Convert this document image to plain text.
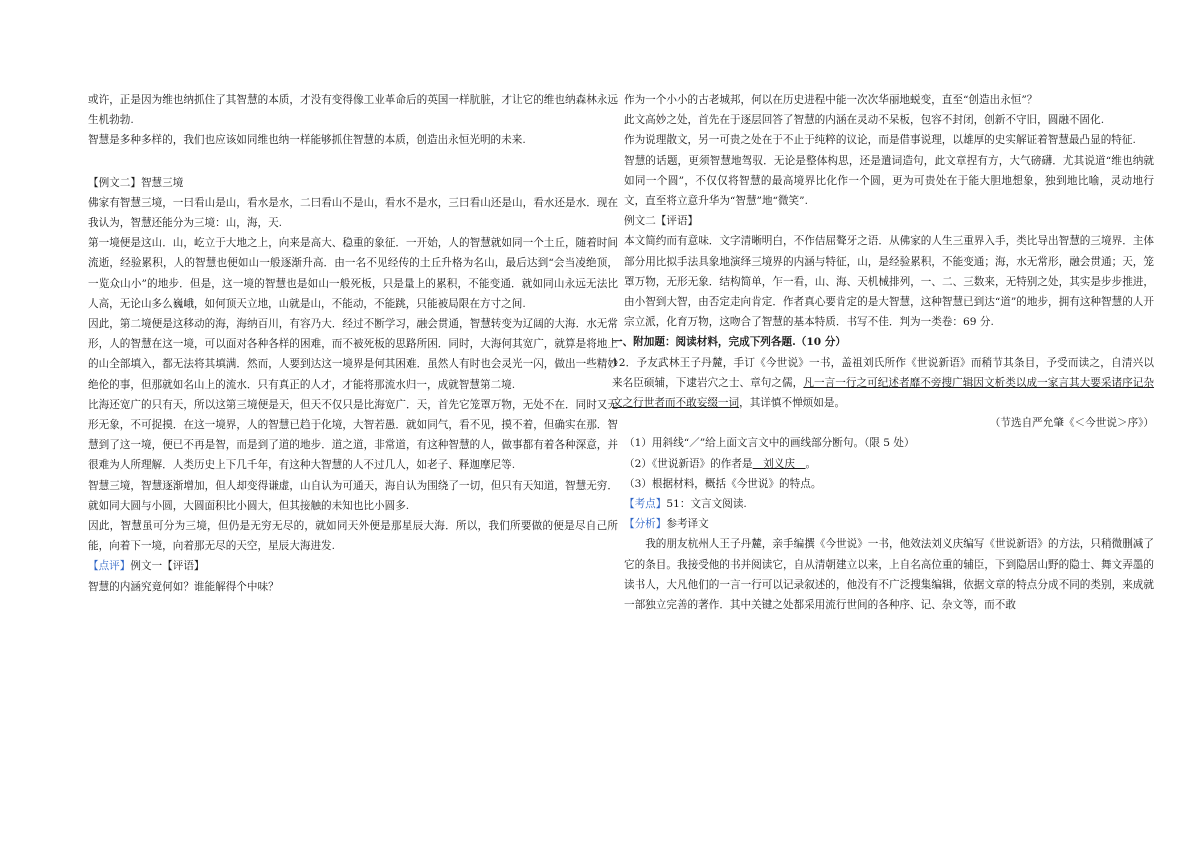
或许，正是因为维也纳抓住了其智慧的本质，才没有变得像工业革命后的英国一样肮脏，才让它的维也纳森林永远生机勃勃.

智慧是多种多样的，我们也应该如同维也纳一样能够抓住智慧的本质，创造出永恒光明的未来.

【例文二】智慧三境

佛家有智慧三境，一曰看山是山，看水是水，二曰看山不是山，看水不是水，三曰看山还是山，看水还是水．现在我认为，智慧还能分为三境：山，海，天.

第一境便是这山．山，屹立于大地之上，向来是高大、稳重的象征．一开始，人的智慧就如同一个土丘，随着时间流逝，经验累积，人的智慧也便如山一般逐渐升高．由一名不见经传的土丘升格为名山，最后达到“会当凌绝顶，一览众山小”的地步．但是，这一境的智慧也是如山一般死板，只是量上的累积，不能变通．就如同山永远无法比人高，无论山多么巍峨，如何顶天立地，山就是山，不能动，不能跳，只能被局限在方寸之间.

因此，第二境便是这移动的海，海纳百川，有容乃大．经过不断学习，融会贯通，智慧转变为辽阔的大海．水无常形，人的智慧在这一境，可以面对各种各样的困难，而不被死板的思路所困．同时，大海何其宽广，就算是将地上的山全部填入，都无法将其填满．然而，人要到达这一境界是何其困难．虽然人有时也会灵光一闪，做出一些精妙绝伦的事，但那就如名山上的流水．只有真正的人才，才能将那流水归一，成就智慧第二境.

比海还宽广的只有天，所以这第三境便是天，但天不仅只是比海宽广．天，首先它笼罩万物，无处不在．同时又无形无象，不可捉摸．在这一境界，人的智慧已趋于化境，大智若愚．就如同气，看不见，摸不着，但确实在那．智慧到了这一境，便已不再是智，而是到了道的地步．道之道，非常道，有这种智慧的人，做事都有着各种深意，并很难为人所理解．人类历史上下几千年，有这种大智慧的人不过几人，如老子、释迦摩尼等.

智慧三境，智慧逐渐增加，但人却变得谦虚，山自认为可通天，海自认为围绕了一切，但只有天知道，智慧无穷．就如同大圆与小圆，大圆面积比小圆大，但其接触的未知也比小圆多.

因此，智慧虽可分为三境，但仍是无穷无尽的，就如同天外便是那星辰大海．所以，我们所要做的便是尽自己所能，向着下一境，向着那无尽的天空，星辰大海进发.

【点评】例文一【评语】

智慧的内涵究竟何如？谁能解得个中味？

作为一个小小的古老城邦，何以在历史进程中能一次次华丽地蜕变，直至“创造出永恒”？

此文高妙之处，首先在于逐层回答了智慧的内涵在灵动不呆板，包容不封闭，创新不守旧，圆融不固化.

作为说理散文，另一可贵之处在于不止于纯粹的议论，而是借事说理，以雄厚的史实解证着智慧最凸显的特征.

智慧的话题，更须智慧地驾驭．无论是整体构思，还是遣词造句，此文章捏有方，大气磅礴．尤其说道“维也纳就如同一个圆”，不仅仅将智慧的最高境界比化作一个圆，更为可贵处在于能大胆地想象，独到地比喻，灵动地行文，直至将立意升华为“智慧”地“微笑”.

例文二【评语】

本文简约而有意味．文字清晰明白，不作佶屈聱牙之语．从佛家的人生三重界入手，类比导出智慧的三境界．主体部分用比拟手法具象地演绎三境界的内涵与特征，山，是经验累积，不能变通；海，水无常形，融会贯通；天，笼罩万物，无形无象．结构简单，乍一看，山、海、天机械排列，一、二、三数来，无特别之处，其实是步步推进，由小智到大智，由否定走向肯定．作者真心要肯定的是大智慧，这种智慧已到达“道”的地步，拥有这种智慧的人开宗立派，化育万物，这吻合了智慧的基本特质．书写不佳．判为一类卷：69 分.

一、附加题：阅读材料，完成下列各题.（10 分）

12．予友武林王子丹麓，手订《今世说》一书，盖祖刘氏所作《世说新语》而稍节其条目，予受而读之，自清兴以来名臣硕辅，下逮岩穴之士、章句之儒，凡一言一行之可纪述者靡不旁搜广辑因文析类以成一家言其大要采诸序记杂文之行世者而不敢妄缀一词，其详慎不惮烦如是。

（节选自严允肇《＜今世说＞序》）

（1）用斜线“／”给上面文言文中的画线部分断句。（限 5 处）

（2）《世说新语》的作者是　刘义庆　。

（3）根据材料，概括《今世说》的特点。

【考点】51：文言文阅读.

【分析】参考译文

我的朋友杭州人王子丹麓，亲手编撰《今世说》一书，他效法刘义庆编写《世说新语》的方法，只稍微删减了它的条目。我接受他的书并阅读它，自从清朝建立以来，上自名高位重的辅臣，下到隐居山野的隐士、舞文弄墨的读书人，大凡他们的一言一行可以记录叙述的，他没有不广泛搜集编辑，依据文章的特点分成不同的类别，来成就一部独立完善的著作．其中关键之处都采用流行世间的各种序、记、杂文等，而不敢
